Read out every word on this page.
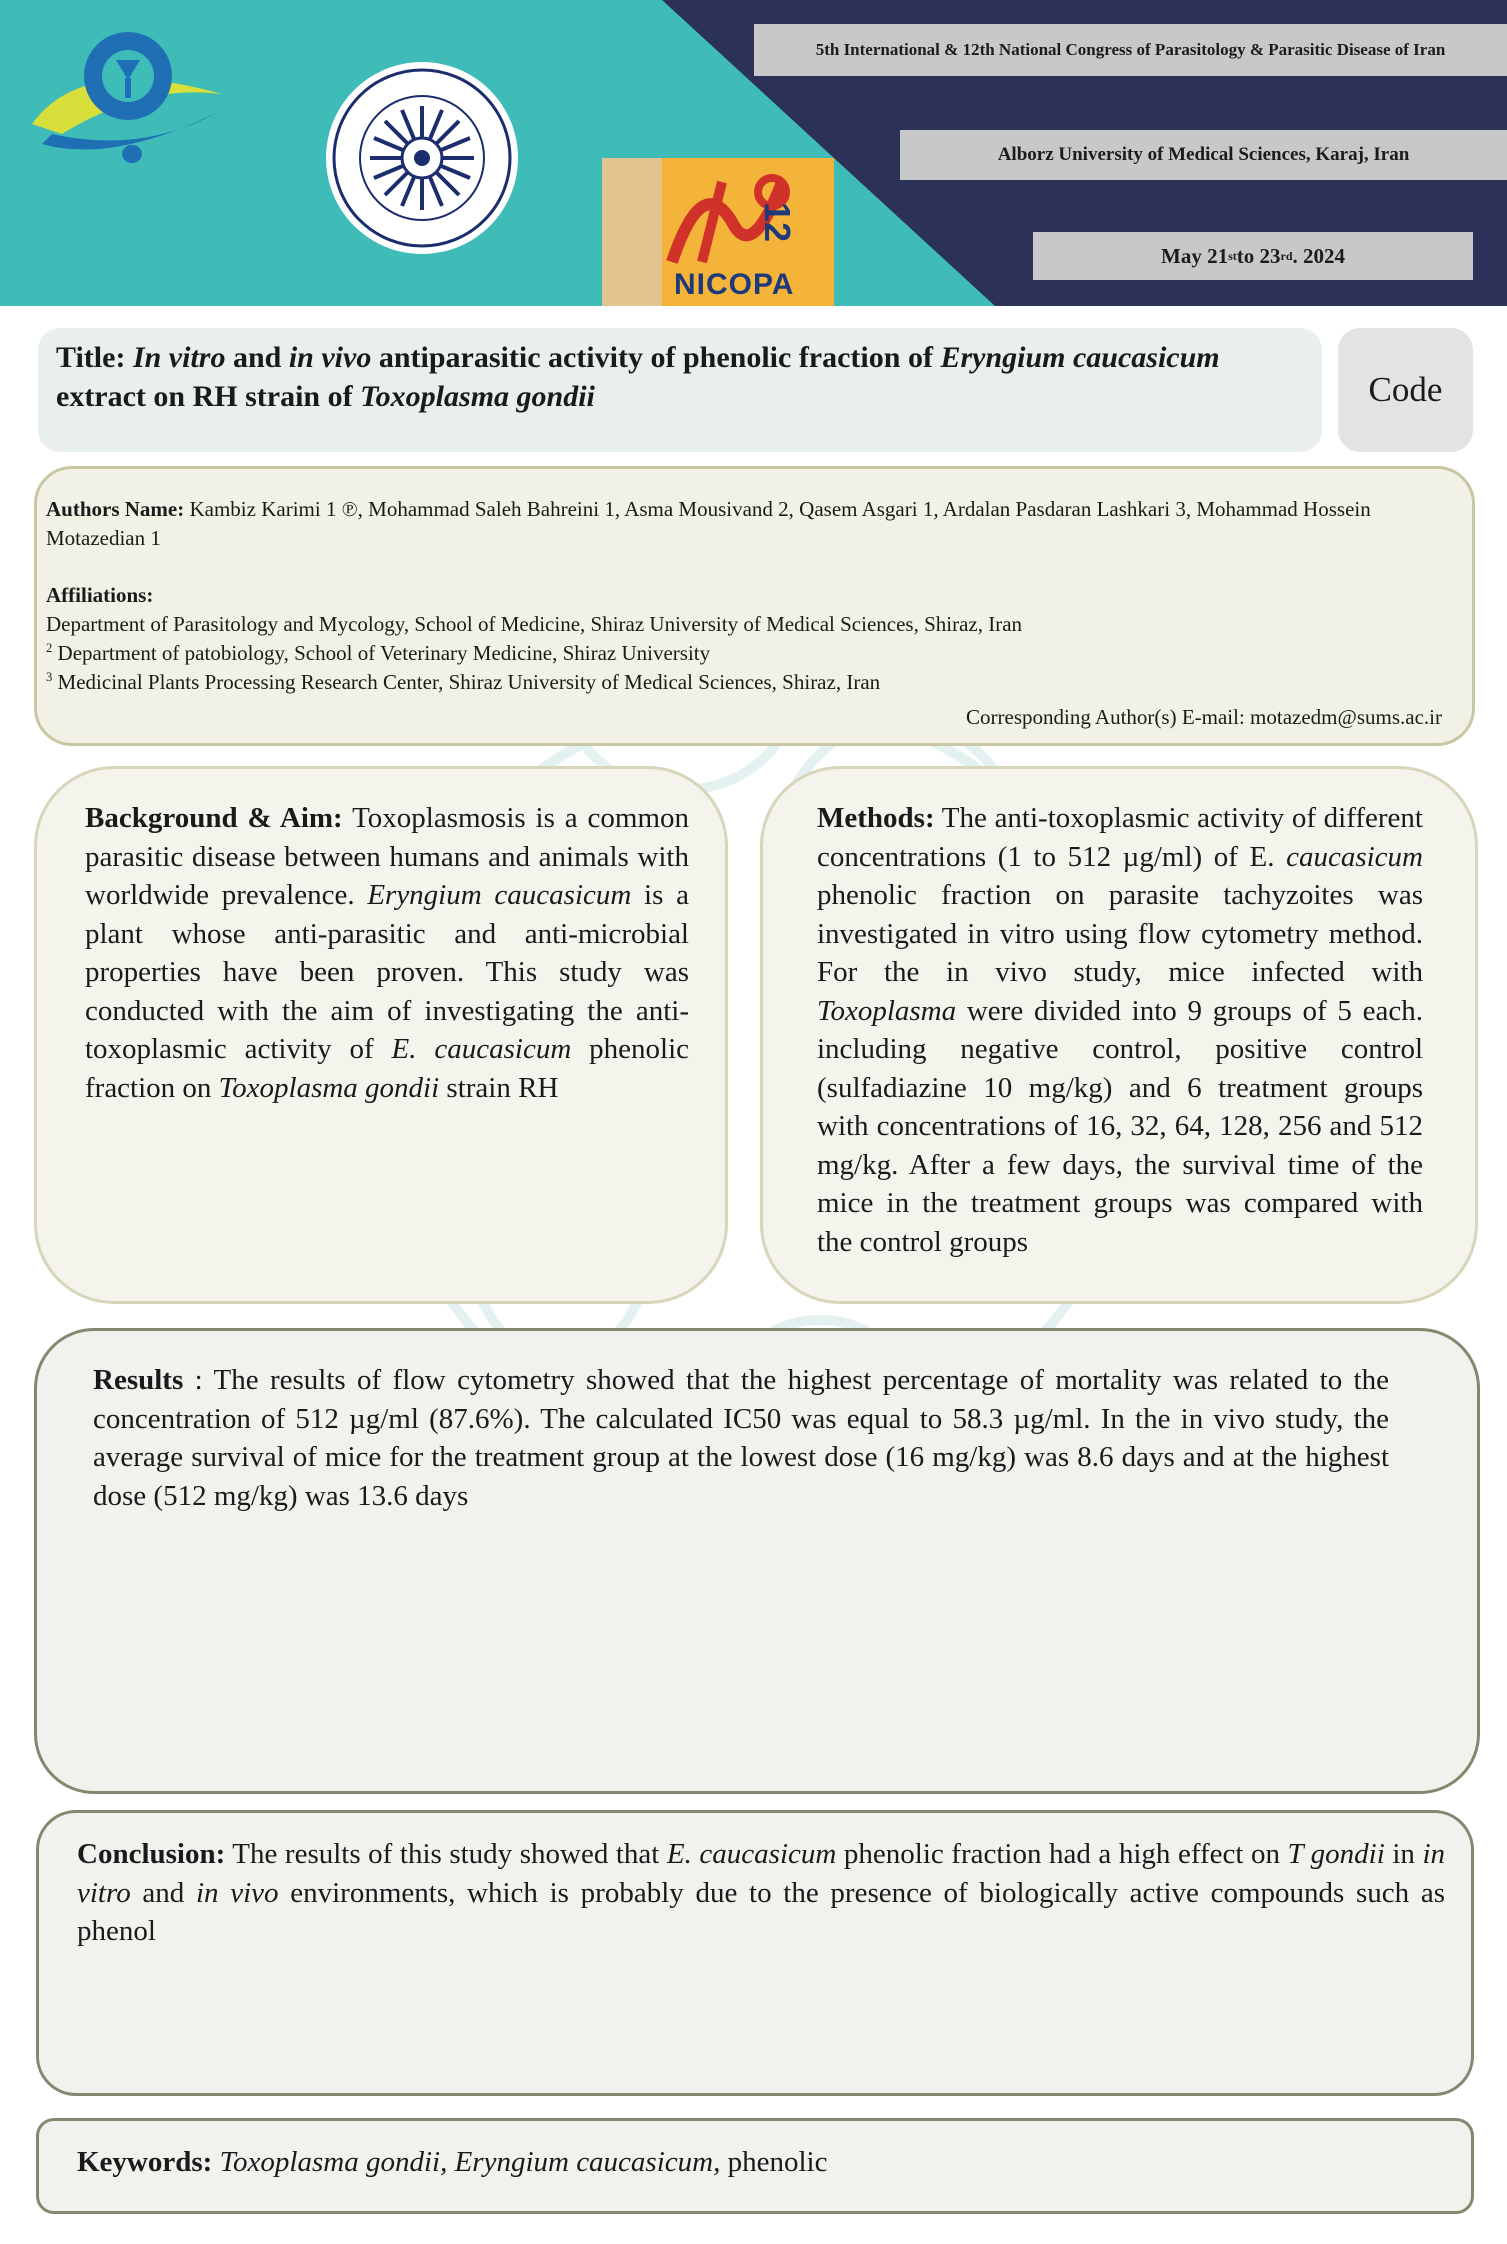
5th International & 12th National Congress of Parasitology & Parasitic Disease of Iran
Alborz University of Medical Sciences, Karaj, Iran
May 21 st to 23 rd . 2024
NICOPA
12
Title: In vitro and in vivo antiparasitic activity of phenolic fraction of Eryngium caucasicum extract on RH strain of Toxoplasma gondii	Code

Authors Name: Kambiz Karimi 1 ℗, Mohammad Saleh Bahreini 1, Asma Mousivand 2, Qasem Asgari 1, Ardalan Pasdaran Lashkari 3, Mohammad Hossein Motazedian 1

Affiliations:

Department of Parasitology and Mycology, School of Medicine, Shiraz University of Medical Sciences, Shiraz, Iran

$^2$ Department of patobiology, School of Veterinary Medicine, Shiraz University

$^3$ Medicinal Plants Processing Research Center, Shiraz University of Medical Sciences, Shiraz, Iran

Corresponding Author(s) E-mail: motazedm@sums.ac.ir
Background & Aim: Toxoplasmosis is a common parasitic disease between humans and animals with worldwide prevalence. Eryngium caucasicum is a plant whose anti-parasitic and anti-microbial properties have been proven. This study was conducted with the aim of investigating the anti-toxoplasmic activity of E. caucasicum phenolic fraction on Toxoplasma gondii strain RH
Methods: The anti-toxoplasmic activity of different concentrations (1 to 512 µg/ml) of E. caucasicum phenolic fraction on parasite tachyzoites was investigated in vitro using flow cytometry method. For the in vivo study, mice infected with Toxoplasma were divided into 9 groups of 5 each. including negative control, positive control (sulfadiazine 10 mg/kg) and 6 treatment groups with concentrations of 16, 32, 64, 128, 256 and 512 mg/kg. After a few days, the survival time of the mice in the treatment groups was compared with the control groups
Results : The results of flow cytometry showed that the highest percentage of mortality was related to the concentration of 512 µg/ml (87.6%). The calculated IC50 was equal to 58.3 µg/ml. In the in vivo study, the average survival of mice for the treatment group at the lowest dose (16 mg/kg) was 8.6 days and at the highest dose (512 mg/kg) was 13.6 days
Conclusion: The results of this study showed that E. caucasicum phenolic fraction had a high effect on T gondii in in vitro and in vivo environments, which is probably due to the presence of biologically active compounds such as phenol
Keywords: Toxoplasma gondii, Eryngium caucasicum, phenolic
